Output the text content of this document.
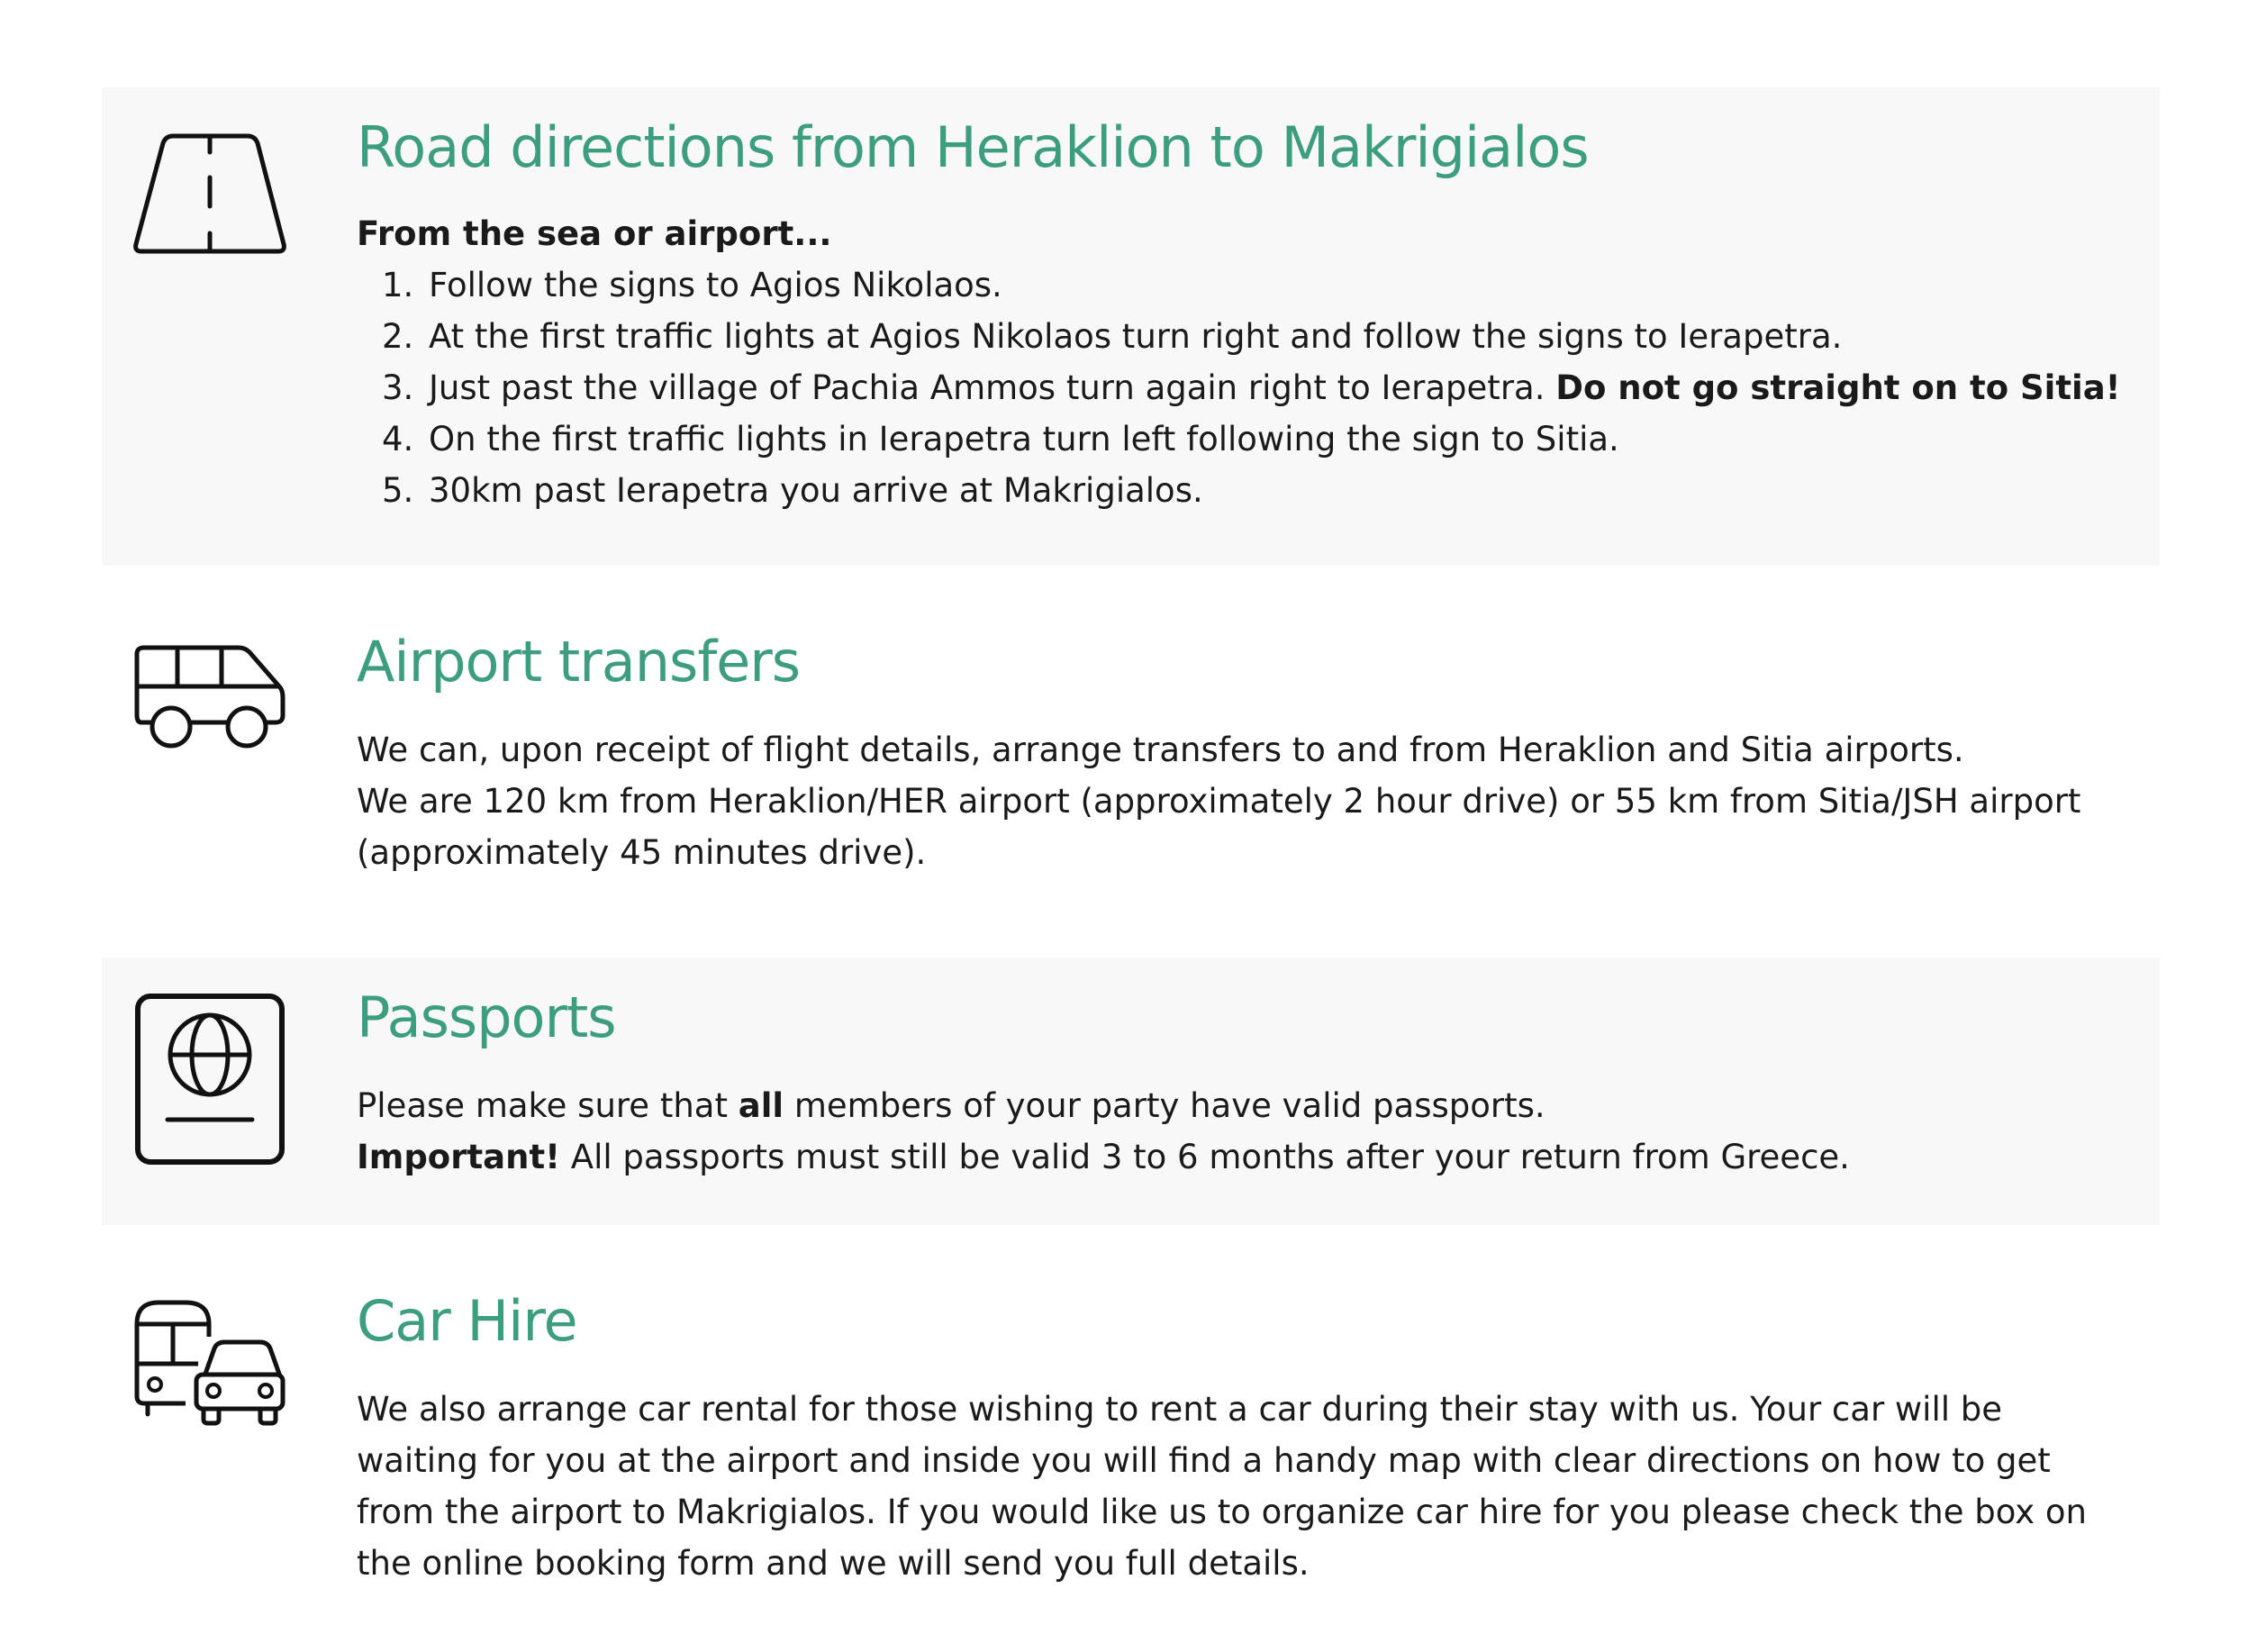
Road directions from Heraklion to Makrigialos

From the sea or airport...

1. Follow the signs to Agios Nikolaos.
2. At the first traffic lights at Agios Nikolaos turn right and follow the signs to Ierapetra.
3. Just past the village of Pachia Ammos turn again right to Ierapetra. Do not go straight on to Sitia!
4. On the first traffic lights in Ierapetra turn left following the sign to Sitia.
5. 30km past Ierapetra you arrive at Makrigialos.
Airport transfers

We can, upon receipt of flight details, arrange transfers to and from Heraklion and Sitia airports.
We are 120 km from Heraklion/HER airport (approximately 2 hour drive) or 55 km from Sitia/JSH airport (approximately 45 minutes drive).

Passports

Please make sure that all members of your party have valid passports.
Important! All passports must still be valid 3 to 6 months after your return from Greece.

Car Hire

We also arrange car rental for those wishing to rent a car during their stay with us. Your car will be waiting for you at the airport and inside you will find a handy map with clear directions on how to get from the airport to Makrigialos. If you would like us to organize car hire for you please check the box on the online booking form and we will send you full details.
